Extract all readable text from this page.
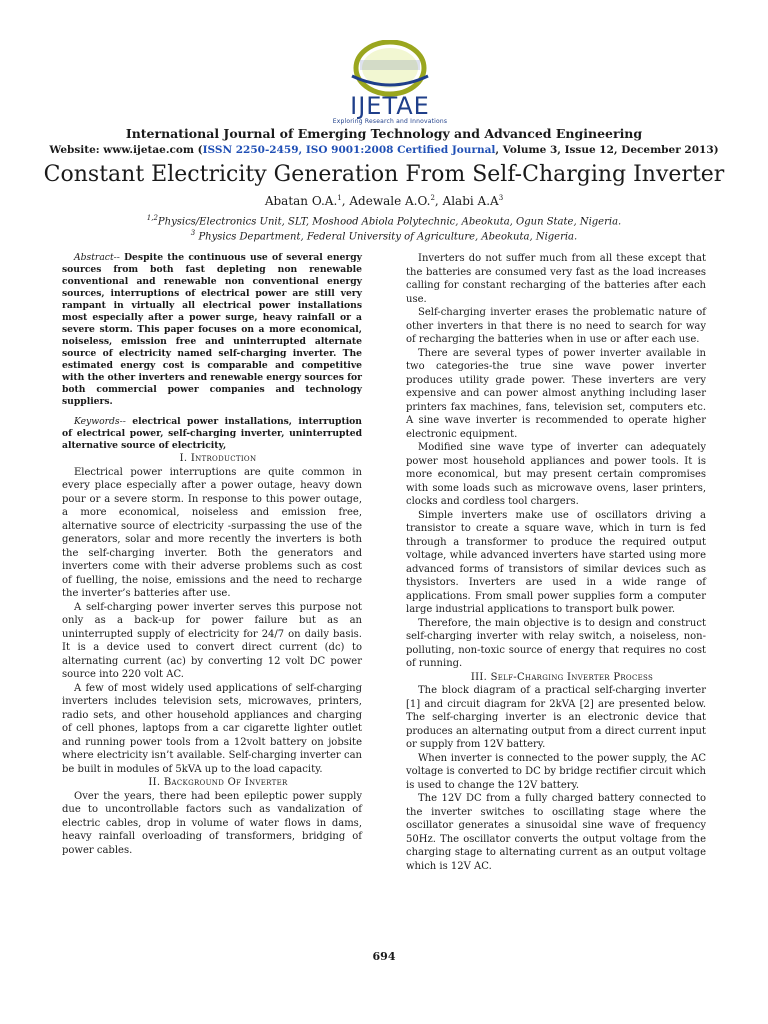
IJETAE
Exploring Research and Innovations
International Journal of Emerging Technology and Advanced Engineering
Website: www.ijetae.com (ISSN 2250-2459, ISO 9001:2008 Certified Journal, Volume 3, Issue 12, December 2013)
Constant Electricity Generation From Self-Charging Inverter
Abatan O.A.$^1$, Adewale A.O.$^2$, Alabi $A.A^3$
$^{1,2}$Physics/Electronics Unit, SLT, Moshood Abiola Polytechnic, Abeokuta, Ogun State, Nigeria.
$^3$ Physics Department, Federal University of Agriculture, Abeokuta, Nigeria.

Abstract-- Despite the continuous use of several energy sources from both fast depleting non renewable conventional and renewable non conventional energy sources, interruptions of electrical power are still very rampant in virtually all electrical power installations most especially after a power surge, heavy rainfall or a severe storm. This paper focuses on a more economical, noiseless, emission free and uninterrupted alternate source of electricity named self-charging inverter. The estimated energy cost is comparable and competitive with the other inverters and renewable energy sources for both commercial power companies and technology suppliers.

Keywords-- electrical power installations, interruption of electrical power, self-charging inverter, uninterrupted alternative source of electricity,

I. Introduction

Electrical power interruptions are quite common in every place especially after a power outage, heavy down pour or a severe storm. In response to this power outage, a more economical, noiseless and emission free, alternative source of electricity -surpassing the use of the generators, solar and more recently the inverters is both the self-charging inverter. Both the generators and inverters come with their adverse problems such as cost of fuelling, the noise, emissions and the need to recharge the inverter’s batteries after use.

A self-charging power inverter serves this purpose not only as a back-up for power failure but as an uninterrupted supply of electricity for 24/7 on daily basis. It is a device used to convert direct current (dc) to alternating current (ac) by converting 12 volt DC power source into 220 volt AC.

A few of most widely used applications of self-charging inverters includes television sets, microwaves, printers, radio sets, and other household appliances and charging of cell phones, laptops from a car cigarette lighter outlet and running power tools from a 12volt battery on jobsite where electricity isn’t available. Self-charging inverter can be built in modules of 5kVA up to the load capacity.

II. Background Of Inverter

Over the years, there had been epileptic power supply due to uncontrollable factors such as vandalization of electric cables, drop in volume of water flows in dams, heavy rainfall overloading of transformers, bridging of power cables.

Inverters do not suffer much from all these except that the batteries are consumed very fast as the load increases calling for constant recharging of the batteries after each use.

Self-charging inverter erases the problematic nature of other inverters in that there is no need to search for way of recharging the batteries when in use or after each use.

There are several types of power inverter available in two categories-the true sine wave power inverter produces utility grade power. These inverters are very expensive and can power almost anything including laser printers fax machines, fans, television set, computers etc. A sine wave inverter is recommended to operate higher electronic equipment.

Modified sine wave type of inverter can adequately power most household appliances and power tools. It is more economical, but may present certain compromises with some loads such as microwave ovens, laser printers, clocks and cordless tool chargers.

Simple inverters make use of oscillators driving a transistor to create a square wave, which in turn is fed through a transformer to produce the required output voltage, while advanced inverters have started using more advanced forms of transistors of similar devices such as thysistors. Inverters are used in a wide range of applications. From small power supplies form a computer large industrial applications to transport bulk power.

Therefore, the main objective is to design and construct self-charging inverter with relay switch, a noiseless, non-polluting, non-toxic source of energy that requires no cost of running.

III. Self-Charging Inverter Process

The block diagram of a practical self-charging inverter [1] and circuit diagram for 2kVA [2] are presented below. The self-charging inverter is an electronic device that produces an alternating output from a direct current input or supply from 12V battery.

When inverter is connected to the power supply, the AC voltage is converted to DC by bridge rectifier circuit which is used to change the 12V battery.

The 12V DC from a fully charged battery connected to the inverter switches to oscillating stage where the oscillator generates a sinusoidal sine wave of frequency 50Hz. The oscillator converts the output voltage from the charging stage to alternating current as an output voltage which is 12V AC.

694
